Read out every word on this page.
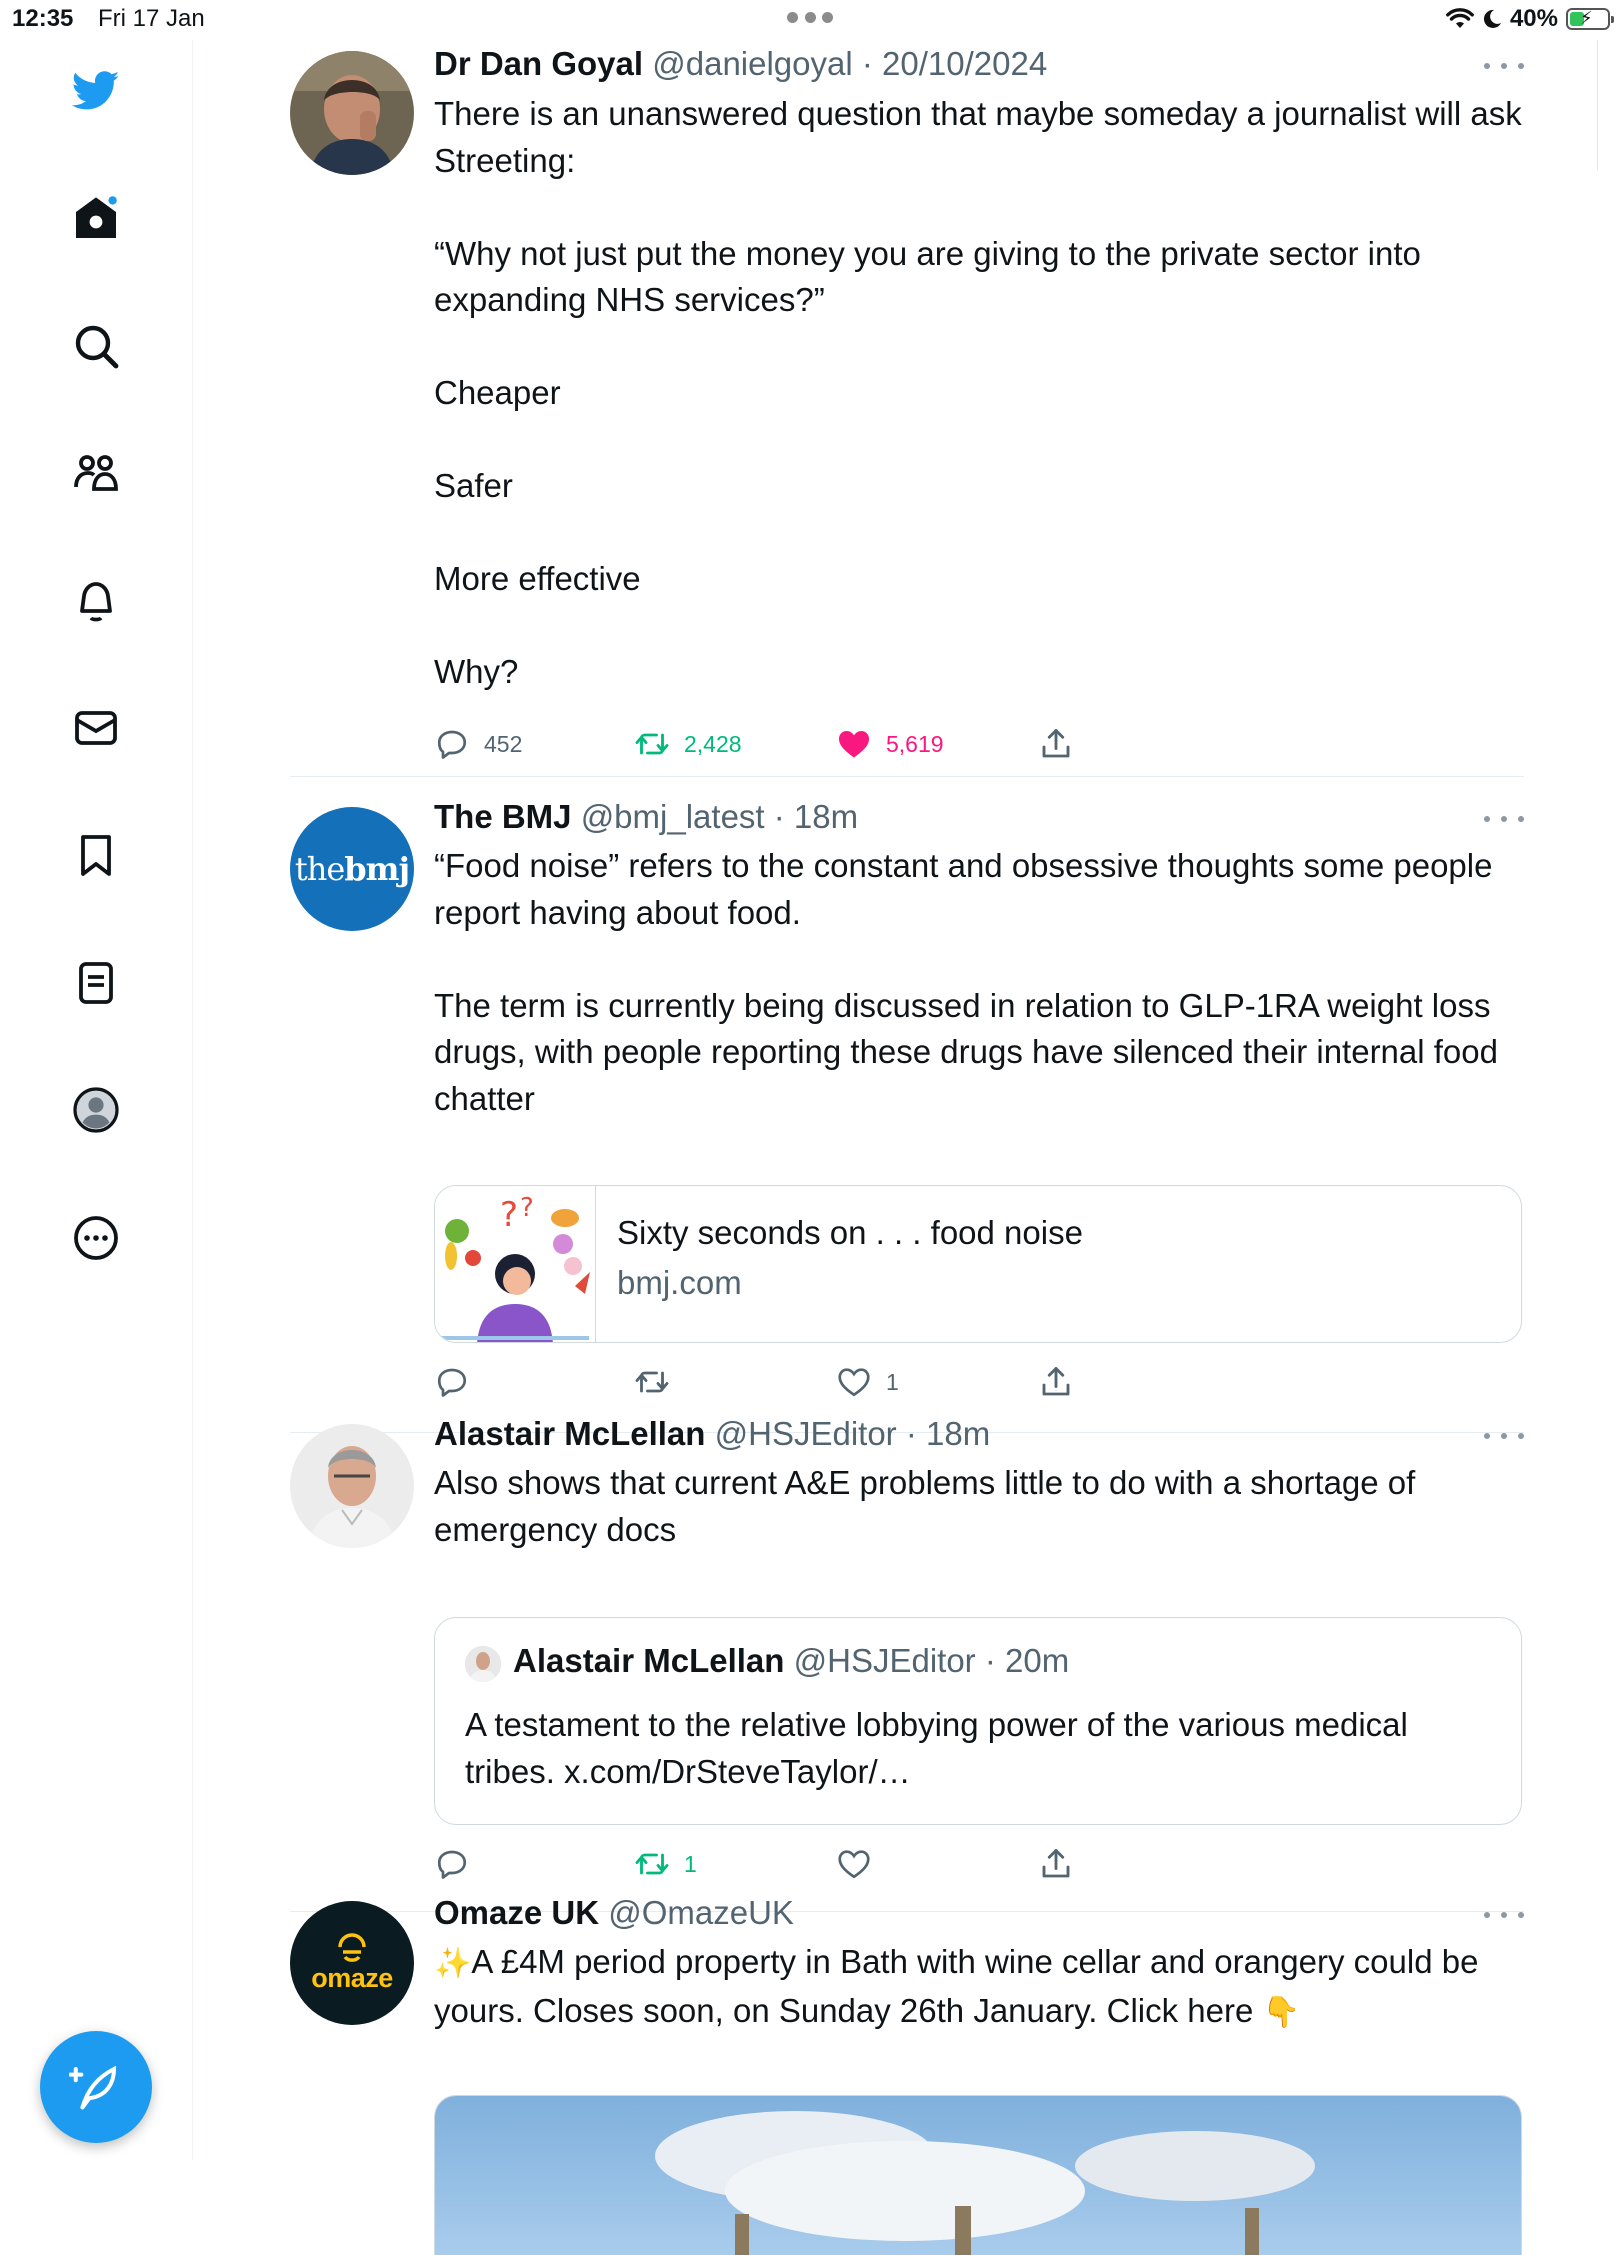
12:35 Fri 17 Jan	40% ⚡
Dr Dan Goyal @danielgoyal · 20/10/2024
There is an unanswered question that maybe someday a journalist will ask Streeting:

“Why not just put the money you are giving to the private sector into expanding NHS services?”

Cheaper

Safer

More effective

Why?
452	2,428	5,619
thebmj
The BMJ @bmj_latest · 18m
“Food noise” refers to the constant and obsessive thoughts some people report having about food.

The term is currently being discussed in relation to GLP-1RA weight loss drugs, with people reporting these drugs have silenced their internal food chatter
? ?
Sixty seconds on . . . food noise
bmj.com
1
Alastair McLellan @HSJEditor · 18m
Also shows that current A&E problems little to do with a shortage of emergency docs
Alastair McLellan @HSJEditor · 20m
A testament to the relative lobbying power of the various medical tribes. x.com/DrSteveTaylor/…
1
omaze
Omaze UK @OmazeUK
✨A £4M period property in Bath with wine cellar and orangery could be yours. Closes soon, on Sunday 26th January. Click here 👇
